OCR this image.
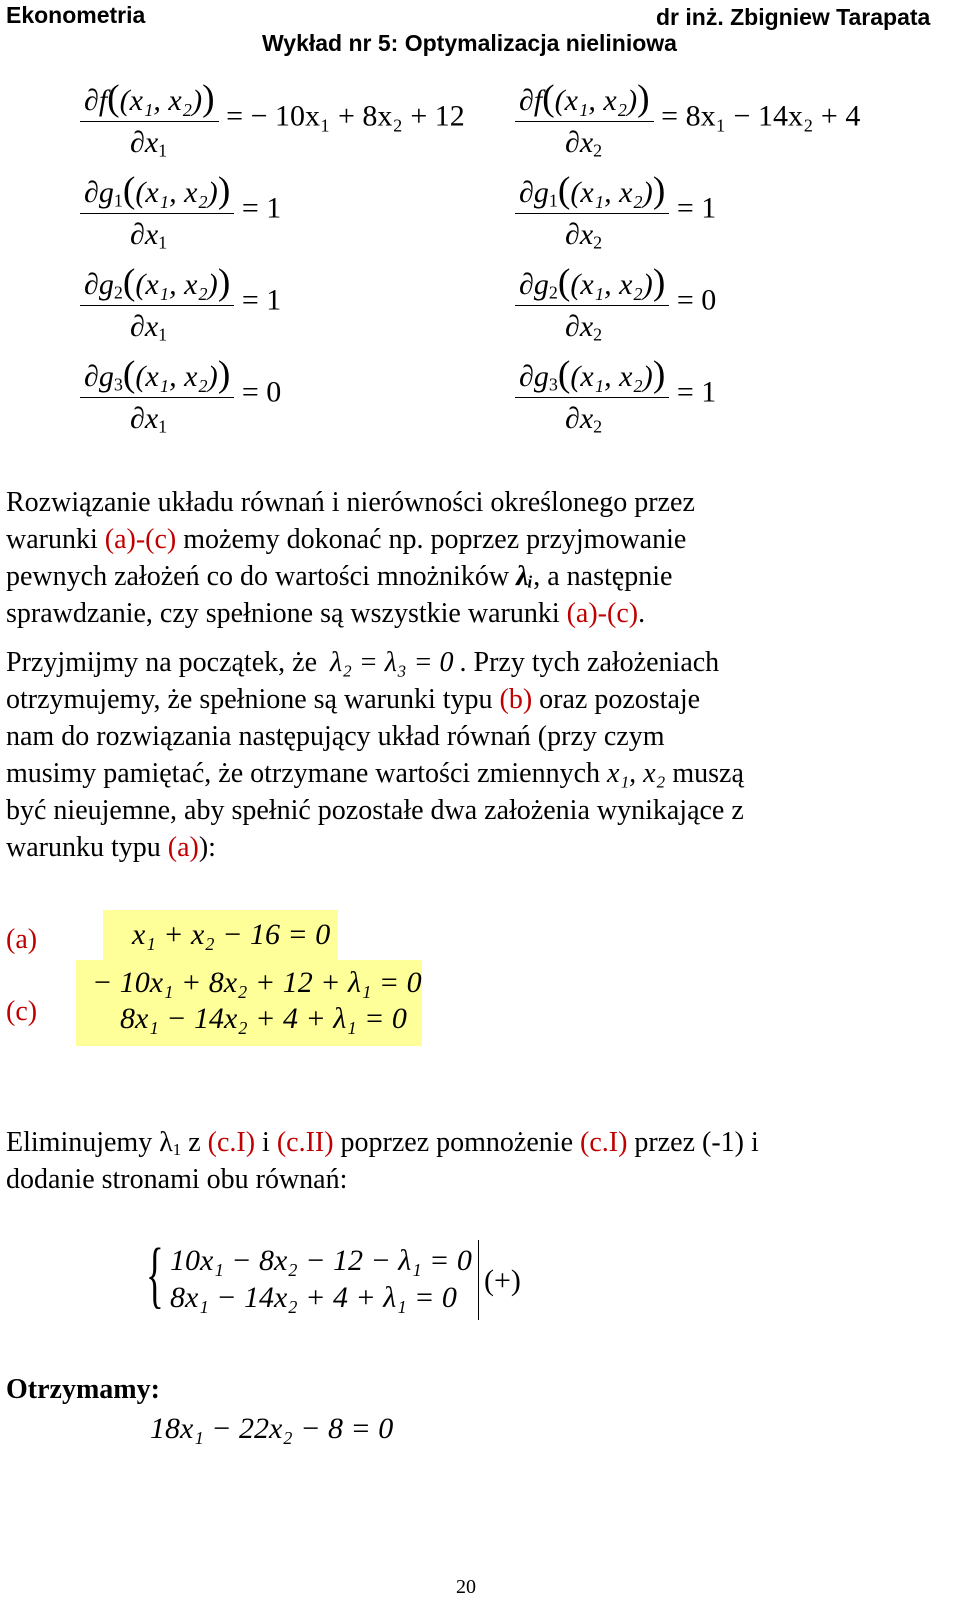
Ekonometria	dr inż. Zbigniew Tarapata
Wykład nr 5: Optymalizacja nieliniowa
$\frac{\text{∂f((x₁, x₂))}}{\partial x_1}$ = − 10x₁ + 8x₂ + 12
$\frac{\partial g_1((x_1, x_2))}{\partial x_1} = 1$
$\frac{\partial g_2((x_1, x_2))}{\partial x_1} = 1$
$\frac{\partial g_3((x_1, x_2))}{\partial x_1} = 0$
$\frac{\text{∂f((x₁, x₂))}}{\partial x_2} = 8x_1 - 14x_2 + 4$
$\frac{\partial g_1((x_1, x_2))}{\partial x_2} = 1$
$\frac{\partial g_2((x_1, x_2))}{\partial x_2} = 0$
$\frac{\partial g_3((x_1, x_2))}{\partial x_2} = 1$
Rozwiązanie układu równań i nierówności określonego przez
warunki (a)-(c) możemy dokonać np. poprzez przyjmowanie
pewnych założeń co do wartości mnożników λᵢ, a następnie
sprawdzanie, czy spełnione są wszystkie warunki (a)-(c).
Przyjmijmy na początek, że λ₂ = λ₃ = 0 . Przy tych założeniach
otrzymujemy, że spełnione są warunki typu (b) oraz pozostaje
nam do rozwiązania następujący układ równań (przy czym
musimy pamiętać, że otrzymane wartości zmiennych x₁, x₂ muszą
być nieujemne, aby spełnić pozostałe dwa założenia wynikające z
warunku typu (a)):
(a)
(c)
x₁ + x₂ − 16 = 0
− 10x₁ + 8x₂ + 12 + λ₁ = 0
8x₁ − 14x₂ + 4 + λ₁ = 0
Eliminujemy $\lambda_1$ z (c.I) i (c.II) poprzez pomnożenie (c.I) przez (-1) i
dodanie stronami obu równań:
{ 10x₁ − 8x₂ − 12 − λ₁ = 0
8x₁ − 14x₂ + 4 + λ₁ = 0
(+)
Otrzymamy:
18x₁ − 22x₂ − 8 = 0
20
